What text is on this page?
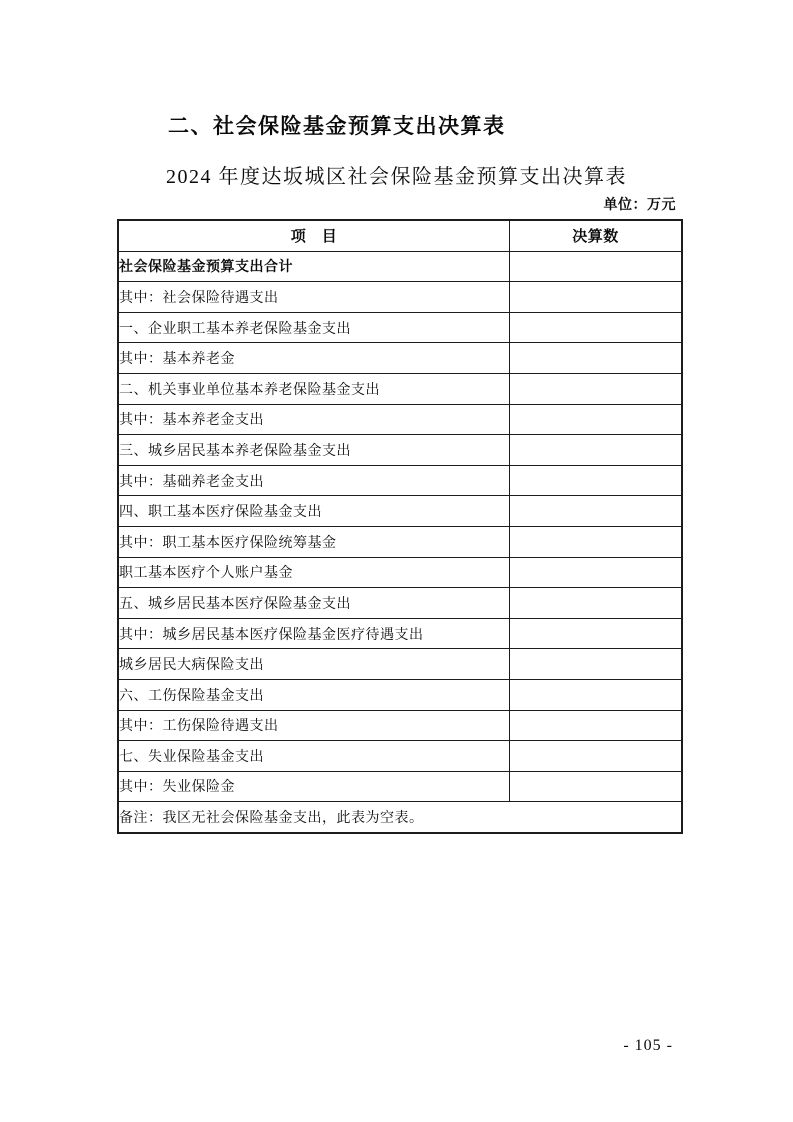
二、社会保险基金预算支出决算表
2024 年度达坂城区社会保险基金预算支出决算表
单位：万元
项　目	决算数
社会保险基金预算支出合计	
其中：社会保险待遇支出	
一、企业职工基本养老保险基金支出	
其中：基本养老金	
二、机关事业单位基本养老保险基金支出	
其中：基本养老金支出	
三、城乡居民基本养老保险基金支出	
其中：基础养老金支出	
四、职工基本医疗保险基金支出	
其中：职工基本医疗保险统筹基金	
职工基本医疗个人账户基金	
五、城乡居民基本医疗保险基金支出	
其中：城乡居民基本医疗保险基金医疗待遇支出	
城乡居民大病保险支出	
六、工伤保险基金支出	
其中：工伤保险待遇支出	
七、失业保险基金支出	
其中：失业保险金	
备注：我区无社会保险基金支出，此表为空表。	
- 105 -
